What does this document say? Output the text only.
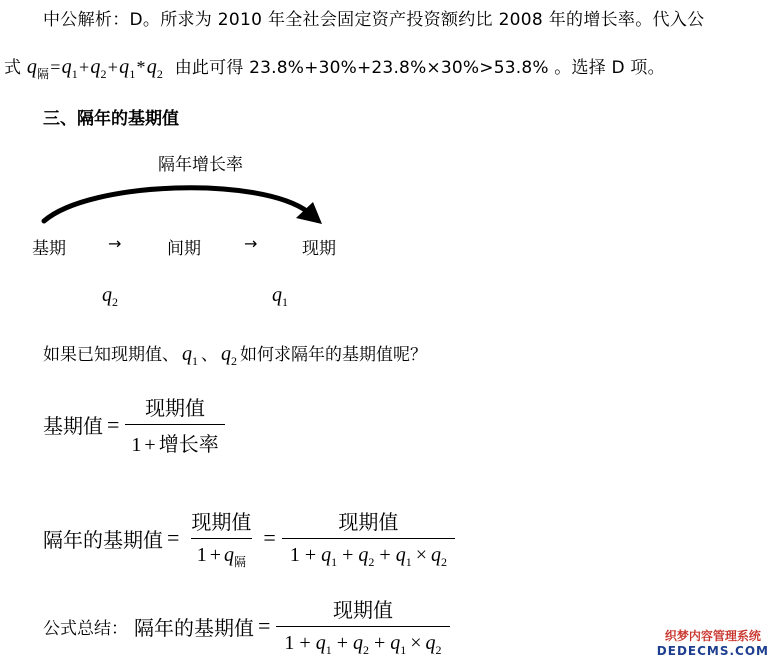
中公解析：D。所求为 2010 年全社会固定资产投资额约比 2008 年的增长率。代入公
式 $q_隔=q_1+q_2+q_1*q_2$ 由此可得 23.8%+30%+23.8%×30%>53.8% 。选择 D 项。
三、隔年的基期值
隔年增长率
基期	→	间期	→	现期
$q_2$	$q_1$
如果已知现期值、 $q_1$ 、 $q_2$ 如何求隔年的基期值呢？
基期值 = $\frac{\text{现期值}}{\text{1 + 增长率}}$
隔年的基期值 = $\frac{\text{现期值}}{1 + q_隔} = \frac{\text{现期值}}{1 + q_1 + q_2 + q_1 \times q_2}$
公式总结： 隔年的基期值 = $\frac{\text{现期值}}{1 + q_1 + q_2 + q_1 \times q_2}$	织梦内容管理系统
DEDECMS.COM
